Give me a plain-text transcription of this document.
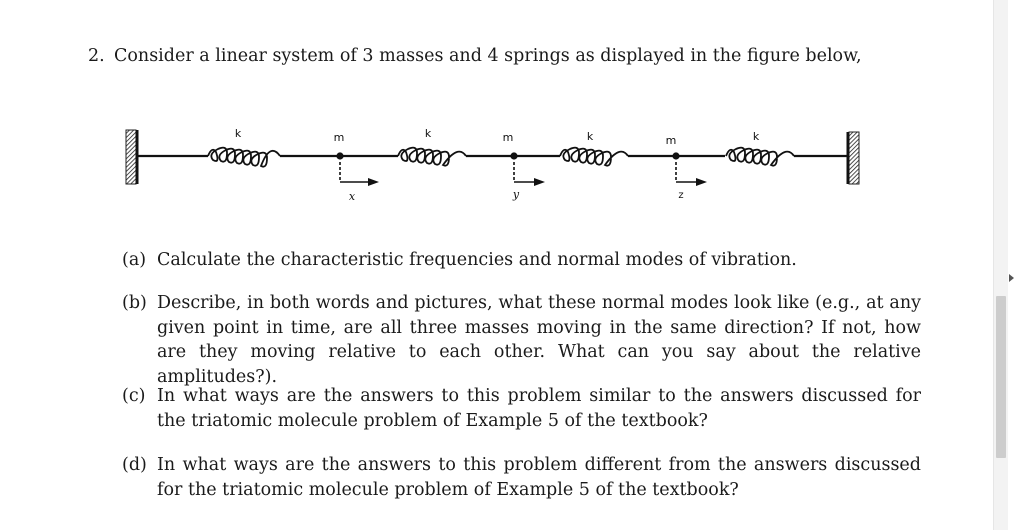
2. Consider a linear system of 3 masses and 4 springs as displayed in the figure below,
k	k	k	k
m	m	m
x	y	z
(a) Calculate the characteristic frequencies and normal modes of vibration.
(b) Describe, in both words and pictures, what these normal modes look like (e.g., at any given point in time, are all three masses moving in the same direction? If not, how are they moving relative to each other. What can you say about the relative amplitudes?).
(c) In what ways are the answers to this problem similar to the answers discussed for the triatomic molecule problem of Example 5 of the textbook?
(d) In what ways are the answers to this problem different from the answers discussed for the triatomic molecule problem of Example 5 of the textbook?
